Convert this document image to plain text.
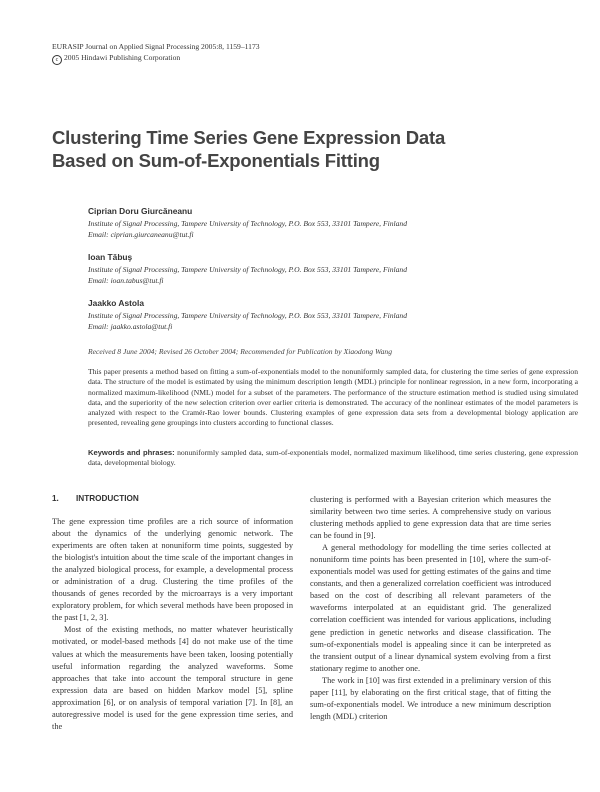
EURASIP Journal on Applied Signal Processing 2005:8, 1159–1173
c 2005 Hindawi Publishing Corporation
Clustering Time Series Gene Expression Data
Based on Sum-of-Exponentials Fitting
Ciprian Doru Giurcăneanu
Institute of Signal Processing, Tampere University of Technology, P.O. Box 553, 33101 Tampere, Finland
Email: ciprian.giurcaneanu@tut.fi
Ioan Tăbuş
Institute of Signal Processing, Tampere University of Technology, P.O. Box 553, 33101 Tampere, Finland
Email: ioan.tabus@tut.fi
Jaakko Astola
Institute of Signal Processing, Tampere University of Technology, P.O. Box 553, 33101 Tampere, Finland
Email: jaakko.astola@tut.fi
Received 8 June 2004; Revised 26 October 2004; Recommended for Publication by Xiaodong Wang
This paper presents a method based on fitting a sum-of-exponentials model to the nonuniformly sampled data, for clustering the time series of gene expression data. The structure of the model is estimated by using the minimum description length (MDL) principle for nonlinear regression, in a new form, incorporating a normalized maximum-likelihood (NML) model for a subset of the parameters. The performance of the structure estimation method is studied using simulated data, and the superiority of the new selection criterion over earlier criteria is demonstrated. The accuracy of the nonlinear estimates of the model parameters is analyzed with respect to the Cramér-Rao lower bounds. Clustering examples of gene expression data sets from a developmental biology application are presented, revealing gene groupings into clusters according to functional classes.
Keywords and phrases: nonuniformly sampled data, sum-of-exponentials model, normalized maximum likelihood, time series clustering, gene expression data, developmental biology.
1. INTRODUCTION

The gene expression time profiles are a rich source of information about the dynamics of the underlying genomic network. The experiments are often taken at nonuniform time points, suggested by the biologist's intuition about the time scale of the important changes in the analyzed biological process, for example, a developmental process or administration of a drug. Clustering the time profiles of the thousands of genes recorded by the microarrays is a very important exploratory problem, for which several methods have been proposed in the past [1, 2, 3].

Most of the existing methods, no matter whatever heuristically motivated, or model-based methods [4] do not make use of the time values at which the measurements have been taken, loosing potentially useful information regarding the analyzed waveforms. Some approaches that take into account the temporal structure in gene expression data are based on hidden Markov model [5], spline approximation [6], or on analysis of temporal variation [7]. In [8], an autoregressive model is used for the gene expression time series, and the

clustering is performed with a Bayesian criterion which measures the similarity between two time series. A comprehensive study on various clustering methods applied to gene expression data that are time series can be found in [9].

A general methodology for modelling the time series collected at nonuniform time points has been presented in [10], where the sum-of-exponentials model was used for getting estimates of the gains and time constants, and then a generalized correlation coefficient was introduced based on the cost of describing all relevant parameters of the waveforms interpolated at an equidistant grid. The generalized correlation coefficient was intended for various applications, including gene prediction in genetic networks and disease classification. The sum-of-exponentials model is appealing since it can be interpreted as the transient output of a linear dynamical system evolving from a first stationary regime to another one.

The work in [10] was first extended in a preliminary version of this paper [11], by elaborating on the first critical stage, that of fitting the sum-of-exponentials model. We introduce a new minimum description length (MDL) criterion
